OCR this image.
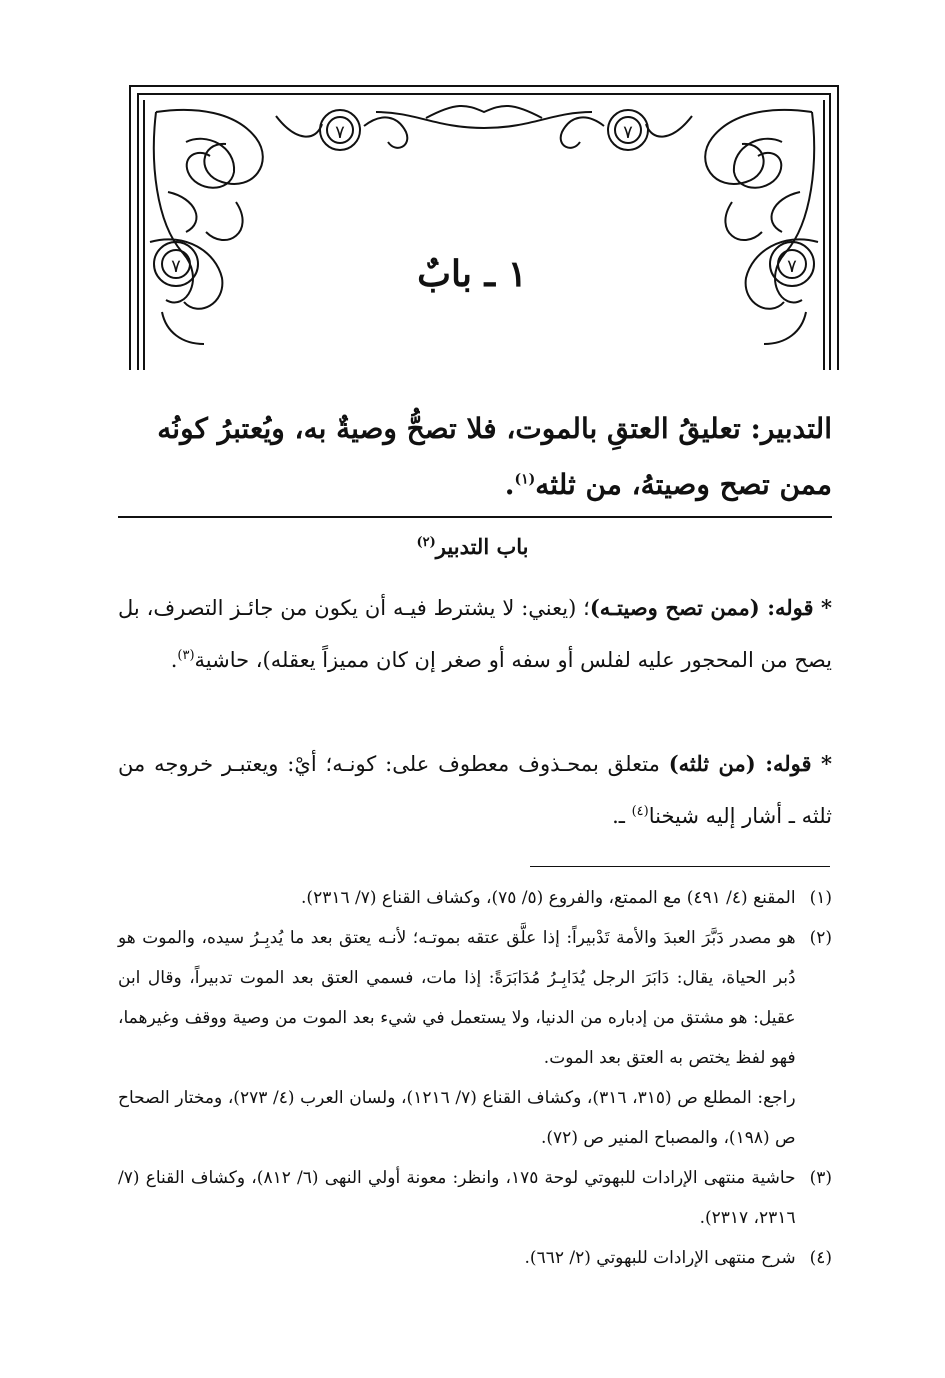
٧	٧
٧	٧
١ ـ بابٌ
التدبير: تعليقُ العتقِ بالموت، فلا تصحُّ وصيةٌ به، ويُعتبرُ كونُه
ممن تصح وصيتهُ، من ثلثه$^{(١)}$.
باب التدبير$^{(٢)}$
* قوله: (ممن تصح وصيتـه)؛ (يعني: لا يشترط فيـه أن يكون من جائـز التصرف، بل يصح من المحجور عليه لفلس أو سفه أو صغر إن كان مميزاً يعقله)، حاشية$^{(٣)}$.
* قوله: (من ثلثه) متعلق بمحـذوف معطوف على: كونـه؛ أيْ: ويعتبـر خروجه من ثلثه ـ أشار إليه شيخنا$^{(٤)}$ ـ.
(١)
المقنع (٤/ ٤٩١) مع الممتع، والفروع (٥/ ٧٥)، وكشاف القناع (٧/ ٢٣١٦).
(٢)
هو مصدر دَبَّرَ العبدَ والأمة تَدْبيراً: إذا علَّق عتقه بموتـه؛ لأنـه يعتق بعد ما يُدبِـرُ سيده، والموت هو دُبر الحياة، يقال: دَابَرَ الرجل يُدَابِـرُ مُدَابَرَةً: إذا مات، فسمي العتق بعد الموت تدبيراً، وقال ابن عقيل: هو مشتق من إدباره من الدنيا، ولا يستعمل في شيء بعد الموت من وصية ووقف وغيرهما، فهو لفظ يختص به العتق بعد الموت.
راجع: المطلع ص (٣١٥، ٣١٦)، وكشاف القناع (٧/ ١٢١٦)، ولسان العرب (٤/ ٢٧٣)، ومختار الصحاح ص (١٩٨)، والمصباح المنير ص (٧٢).
(٣)
حاشية منتهى الإرادات للبهوتي لوحة ١٧٥، وانظر: معونة أولي النهى (٦/ ٨١٢)، وكشاف القناع (٧/ ٢٣١٦، ٢٣١٧).
(٤)
شرح منتهى الإرادات للبهوتي (٢/ ٦٦٢).
